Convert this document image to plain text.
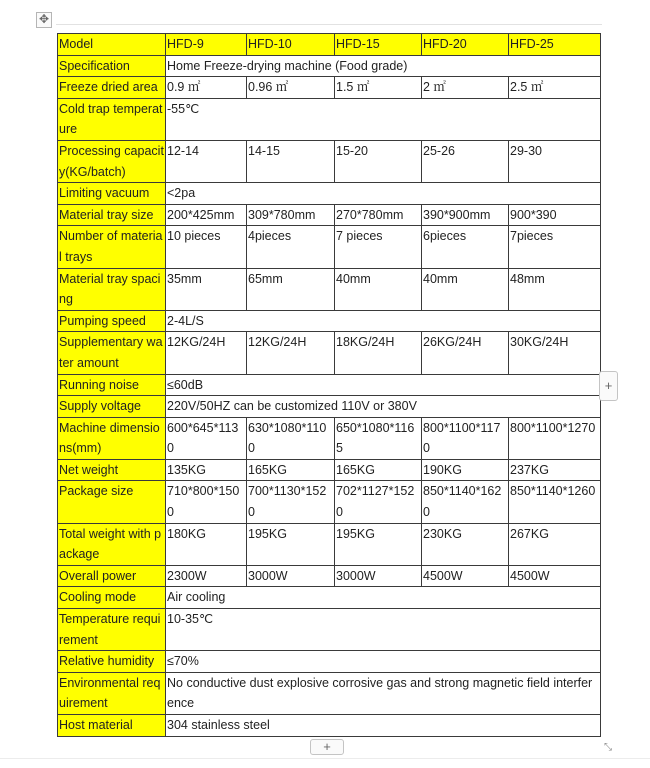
✥
Model	HFD-9	HFD-10	HFD-15	HFD-20	HFD-25
Specification	Home Freeze-drying machine (Food grade)				
Freeze dried area	0.9 ㎡	0.96 ㎡	1.5 ㎡	2 ㎡	2.5 ㎡
Cold trap temperature	-55℃				
Processing capacity(KG/batch)	12-14	14-15	15-20	25-26	29-30
Limiting vacuum	<2pa				
Material tray size	200*425mm	309*780mm	270*780mm	390*900mm	900*390
Number of material trays	10 pieces	4pieces	7 pieces	6pieces	7pieces
Material tray spacing	35mm	65mm	40mm	40mm	48mm
Pumping speed	2-4L/S				
Supplementary water amount	12KG/24H	12KG/24H	18KG/24H	26KG/24H	30KG/24H
Running noise	≤60dB				
Supply voltage	220V/50HZ can be customized 110V or 380V				
Machine dimensions(mm)	600*645*1130	630*1080*1100	650*1080*1165	800*1100*1170	800*1100*1270
Net weight	135KG	165KG	165KG	190KG	237KG
Package size	710*800*1500	700*1130*1520	702*1127*1520	850*1140*1620	850*1140*1260
Total weight with package	180KG	195KG	195KG	230KG	267KG
Overall power	2300W	3000W	3000W	4500W	4500W
Cooling mode	Air cooling				
Temperature requirement	10-35℃				
Relative humidity	≤70%				
Environmental requirement	No conductive dust explosive corrosive gas and strong magnetic field interference				
Host material	304 stainless steel				
+
+	⤡
